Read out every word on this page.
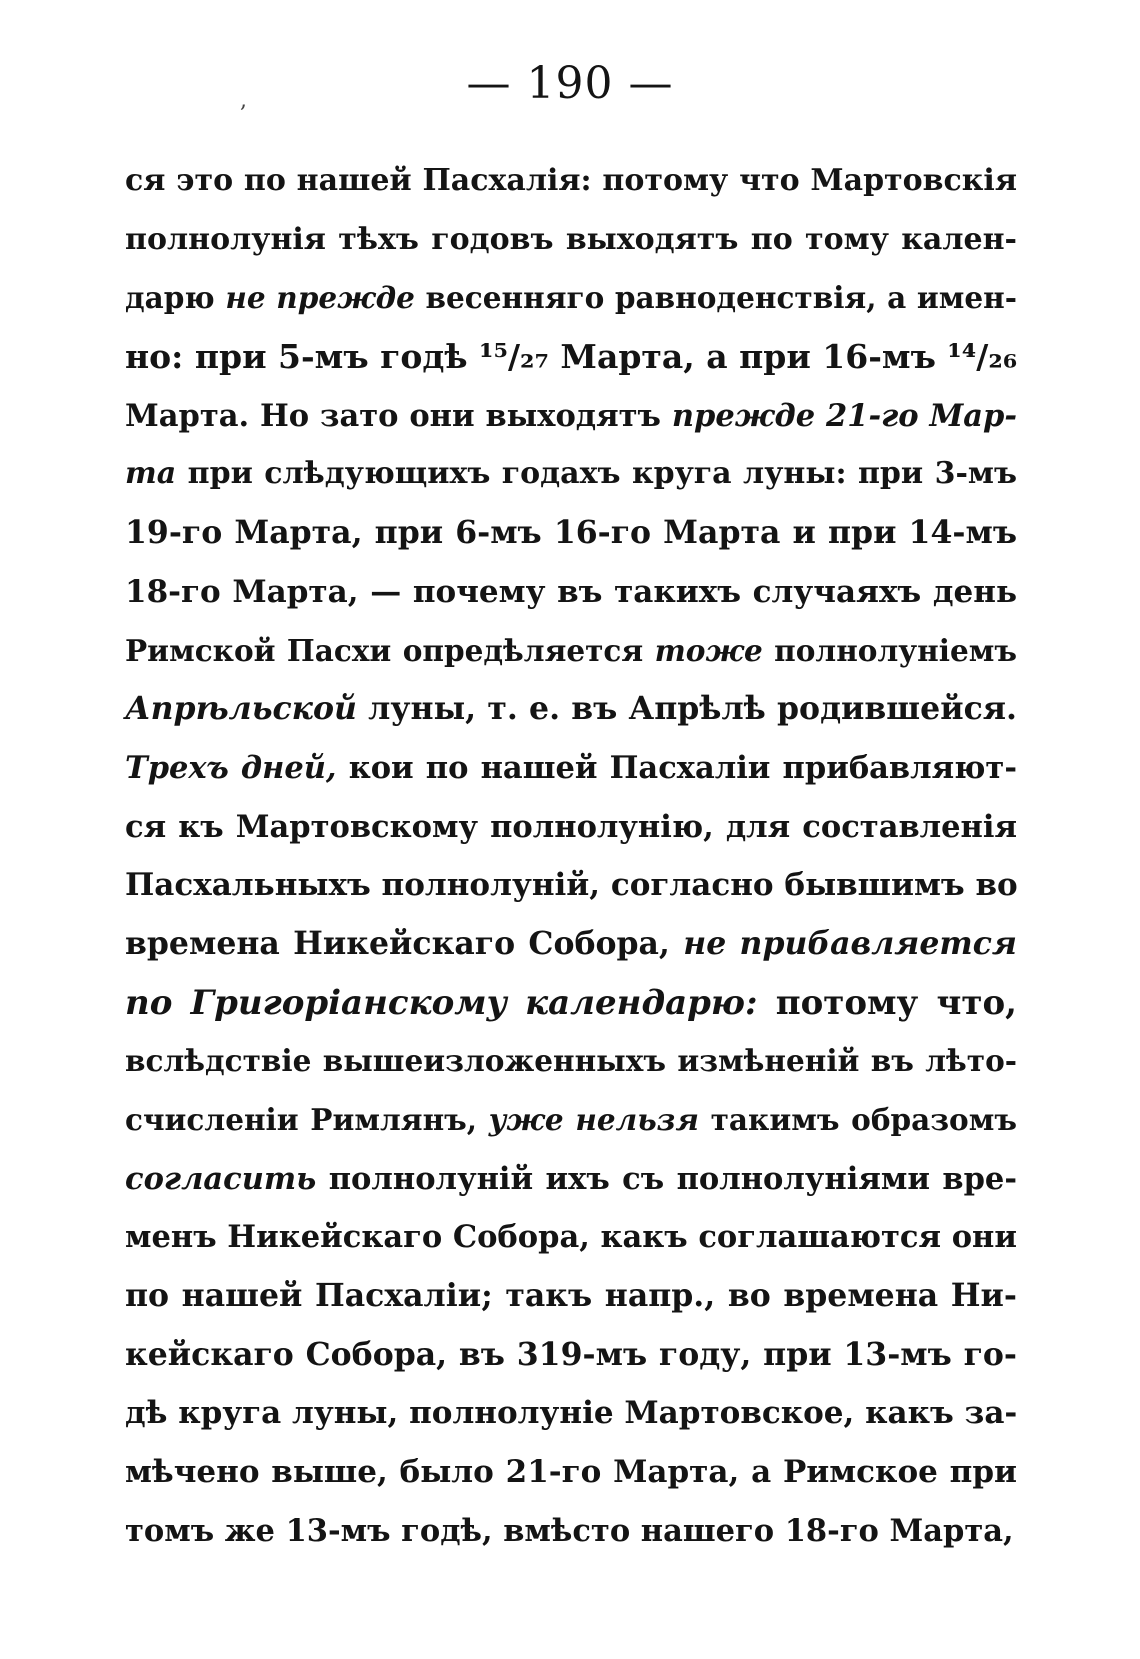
— 190 —
,
ся это по нашей Пасхалія: потому что Мартовскія
полнолунія тѣхъ годовъ выходятъ по тому кален-
дарю не прежде весенняго равноденствія, а имен-
но: при 5-мъ годѣ ¹⁵/₂₇ Марта, а при 16-мъ ¹⁴/₂₆
Марта. Но зато они выходятъ прежде 21-го Мар-
та при слѣдующихъ годахъ круга луны: при 3-мъ
19-го Марта, при 6-мъ 16-го Марта и при 14-мъ
18-го Марта, — почему въ такихъ случаяхъ день
Римской Пасхи опредѣляется тоже полнолуніемъ
Апрѣльской луны, т. е. въ Апрѣлѣ родившейся.
Трехъ дней, кои по нашей Пасхаліи прибавляют-
ся къ Мартовскому полнолунію, для составленія
Пасхальныхъ полнолуній, согласно бывшимъ во
времена Никейскаго Собора, не прибавляется
по Григоріанскому календарю: потому что,
вслѣдствіе вышеизложенныхъ измѣненій въ лѣто-
счисленіи Римлянъ, уже нельзя такимъ образомъ
согласить полнолуній ихъ съ полнолуніями вре-
менъ Никейскаго Собора, какъ соглашаются они
по нашей Пасхаліи; такъ напр., во времена Ни-
кейскаго Собора, въ 319-мъ году, при 13-мъ го-
дѣ круга луны, полнолуніе Мартовское, какъ за-
мѣчено выше, было 21-го Марта, а Римское при
томъ же 13-мъ годѣ, вмѣсто нашего 18-го Марта,
